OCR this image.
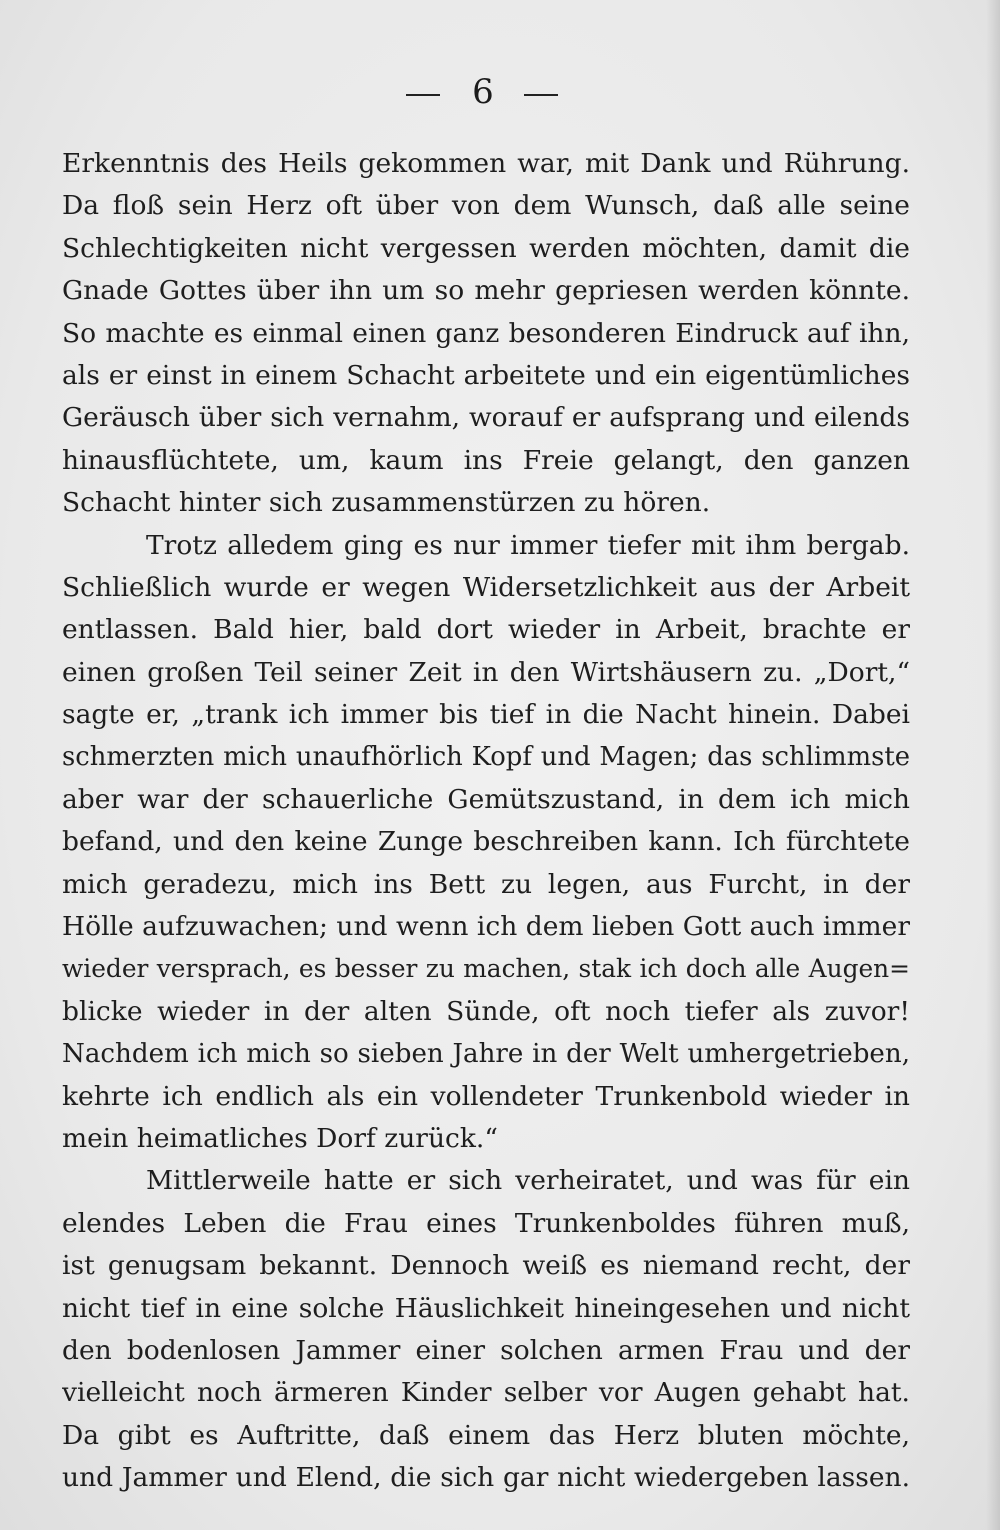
6
Erkenntnis des Heils gekommen war, mit Dank und Rührung.
Da floß sein Herz oft über von dem Wunsch, daß alle seine
Schlechtigkeiten nicht vergessen werden möchten, damit die
Gnade Gottes über ihn um so mehr gepriesen werden könnte.
So machte es einmal einen ganz besonderen Eindruck auf ihn,
als er einst in einem Schacht arbeitete und ein eigentümliches
Geräusch über sich vernahm, worauf er aufsprang und eilends
hinausflüchtete, um, kaum ins Freie gelangt, den ganzen
Schacht hinter sich zusammenstürzen zu hören.
Trotz alledem ging es nur immer tiefer mit ihm bergab.
Schließlich wurde er wegen Widersetzlichkeit aus der Arbeit
entlassen. Bald hier, bald dort wieder in Arbeit, brachte er
einen großen Teil seiner Zeit in den Wirtshäusern zu. „Dort,“
sagte er, „trank ich immer bis tief in die Nacht hinein. Dabei
schmerzten mich unaufhörlich Kopf und Magen; das schlimmste
aber war der schauerliche Gemütszustand, in dem ich mich
befand, und den keine Zunge beschreiben kann. Ich fürchtete
mich geradezu, mich ins Bett zu legen, aus Furcht, in der
Hölle aufzuwachen; und wenn ich dem lieben Gott auch immer
wieder versprach, es besser zu machen, stak ich doch alle Augen=
blicke wieder in der alten Sünde, oft noch tiefer als zuvor!
Nachdem ich mich so sieben Jahre in der Welt umhergetrieben,
kehrte ich endlich als ein vollendeter Trunkenbold wieder in
mein heimatliches Dorf zurück.“
Mittlerweile hatte er sich verheiratet, und was für ein
elendes Leben die Frau eines Trunkenboldes führen muß,
ist genugsam bekannt. Dennoch weiß es niemand recht, der
nicht tief in eine solche Häuslichkeit hineingesehen und nicht
den bodenlosen Jammer einer solchen armen Frau und der
vielleicht noch ärmeren Kinder selber vor Augen gehabt hat.
Da gibt es Auftritte, daß einem das Herz bluten möchte,
und Jammer und Elend, die sich gar nicht wiedergeben lassen.
